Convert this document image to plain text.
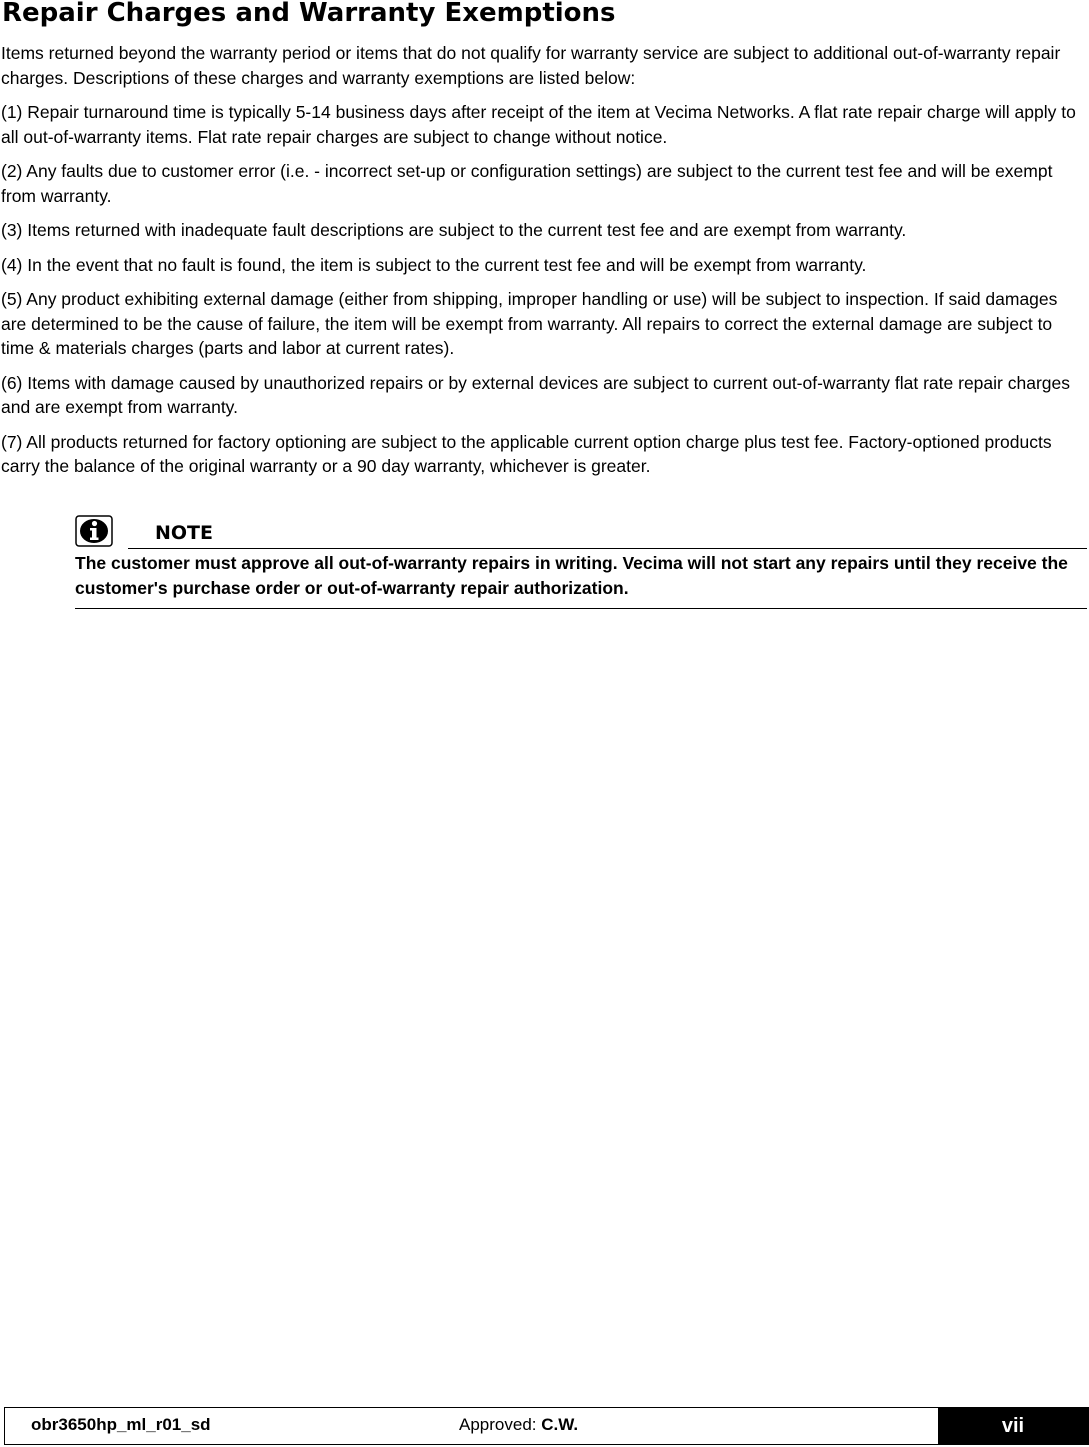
Repair Charges and Warranty Exemptions

Items returned beyond the warranty period or items that do not qualify for warranty service are subject to additional out-of-warranty repair charges. Descriptions of these charges and warranty exemptions are listed below:

(1) Repair turnaround time is typically 5-14 business days after receipt of the item at Vecima Networks. A flat rate repair charge will apply to all out-of-warranty items. Flat rate repair charges are subject to change without notice.

(2) Any faults due to customer error (i.e. - incorrect set-up or configuration settings) are subject to the current test fee and will be exempt from warranty.

(3) Items returned with inadequate fault descriptions are subject to the current test fee and are exempt from warranty.

(4) In the event that no fault is found, the item is subject to the current test fee and will be exempt from warranty.

(5) Any product exhibiting external damage (either from shipping, improper handling or use) will be subject to inspection. If said damages are determined to be the cause of failure, the item will be exempt from warranty. All repairs to correct the external damage are subject to time & materials charges (parts and labor at current rates).

(6) Items with damage caused by unauthorized repairs or by external devices are subject to current out-of-warranty flat rate repair charges and are exempt from warranty.

(7) All products returned for factory optioning are subject to the applicable current option charge plus test fee. Factory-optioned products carry the balance of the original warranty or a 90 day warranty, whichever is greater.

NOTE
The customer must approve all out-of-warranty repairs in writing. Vecima will not start any repairs until they receive the customer's purchase order or out-of-warranty repair authorization.
obr3650hp_ml_r01_sd	Approved: C.W.	vii
